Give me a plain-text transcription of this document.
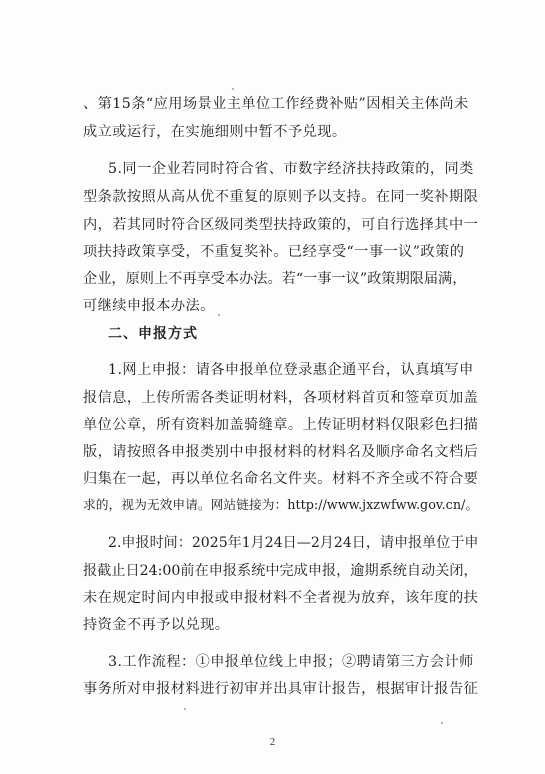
、第15条“应用场景业主单位工作经费补贴”因相关主体尚未
成立或运行，在实施细则中暂不予兑现。
5.同一企业若同时符合省、市数字经济扶持政策的，同类
型条款按照从高从优不重复的原则予以支持。在同一奖补期限
内，若其同时符合区级同类型扶持政策的，可自行选择其中一
项扶持政策享受，不重复奖补。已经享受“一事一议”政策的
企业，原则上不再享受本办法。若“一事一议”政策期限届满，
可继续申报本办法。
二、申报方式
1.网上申报：请各申报单位登录惠企通平台，认真填写申
报信息，上传所需各类证明材料，各项材料首页和签章页加盖
单位公章，所有资料加盖骑缝章。上传证明材料仅限彩色扫描
版，请按照各申报类别中申报材料的材料名及顺序命名文档后
归集在一起，再以单位名命名文件夹。材料不齐全或不符合要
求的，视为无效申请。网站链接为：http://www.jxzwfww.gov.cn/。
2.申报时间：2025年1月24日—2月24日，请申报单位于申
报截止日24:00前在申报系统中完成申报，逾期系统自动关闭，
未在规定时间内申报或申报材料不全者视为放弃，该年度的扶
持资金不再予以兑现。
3.工作流程：①申报单位线上申报；②聘请第三方会计师
事务所对申报材料进行初审并出具审计报告，根据审计报告征
2
